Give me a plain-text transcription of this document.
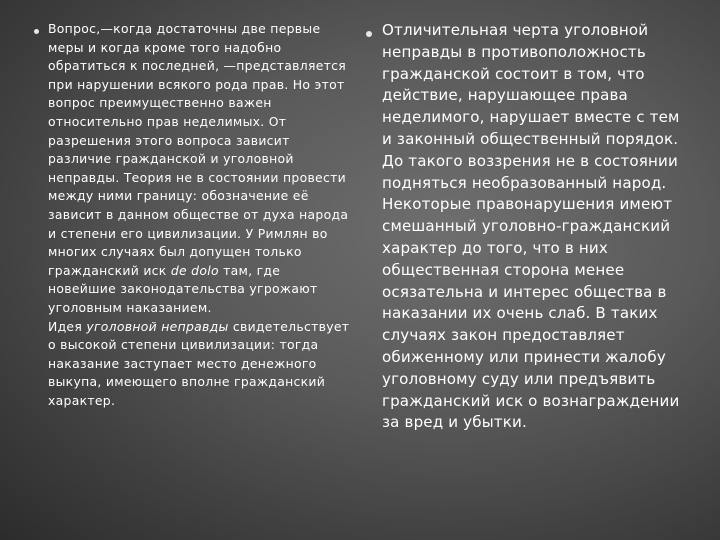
Вопрос,—когда достаточны две первые меры и когда кроме того надобно обратиться к последней, —представляется при нарушении всякого рода прав. Но этот вопрос преимущественно важен относительно прав неделимых. От разрешения этого вопроса зависит различие гражданской и уголовной неправды. Теория не в состоянии провести между ними границу: обозначение её зависит в данном обществе от духа народа и степени его цивилизации. У Римлян во многих случаях был допущен только гражданский иск de dolo там, где новейшие законодательства угрожают уголовным наказанием.
Идея уголовной неправды свидетельствует о высокой степени цивилизации: тогда наказание заступает место денежного выкупа, имеющего вполне гражданский характер.

Отличительная черта уголовной неправды в противоположность гражданской состоит в том, что действие, нарушающее права неделимого, нарушает вместе с тем и законный общественный порядок. До такого воззрения не в состоянии подняться необразованный народ. Некоторые правонарушения имеют смешанный уголовно-гражданский характер до того, что в них общественная сторона менее осязательна и интерес общества в наказании их очень слаб. В таких случаях закон предоставляет обиженному или принести жалобу уголовному суду или предъявить гражданский иск о вознаграждении за вред и убытки.
